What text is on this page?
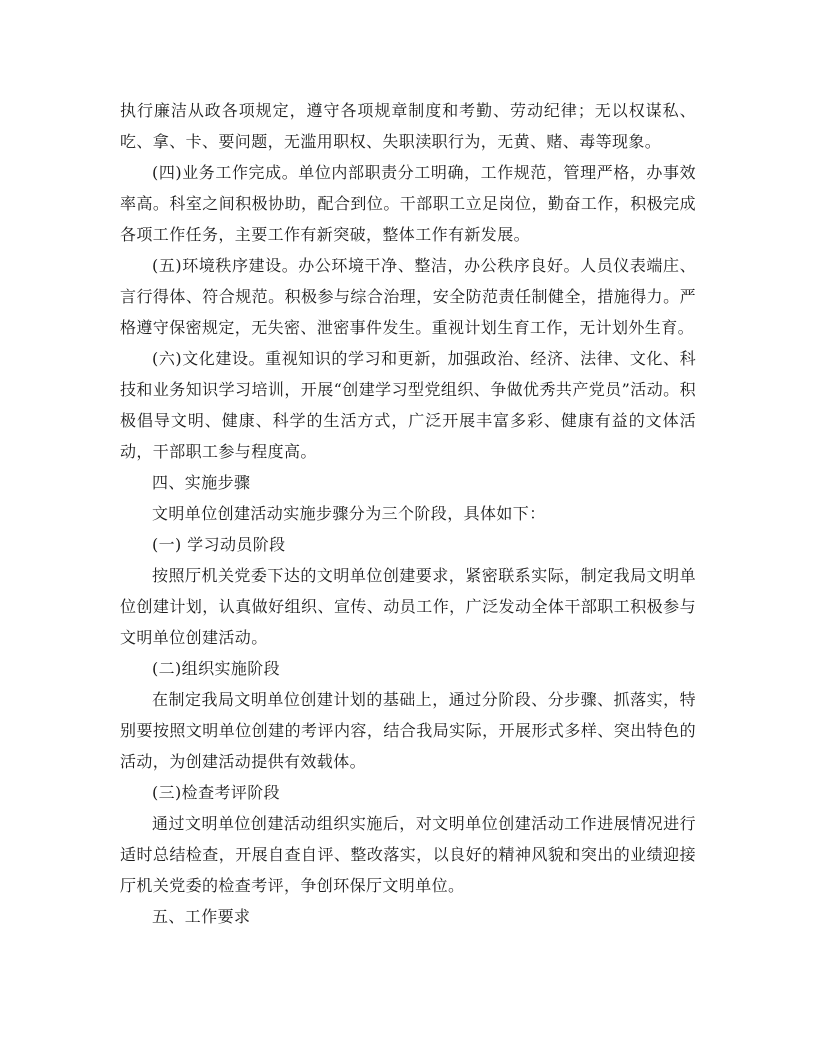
执行廉洁从政各项规定，遵守各项规章制度和考勤、劳动纪律；无以权谋私、吃、拿、卡、要问题，无滥用职权、失职渎职行为，无黄、赌、毒等现象。

(四)业务工作完成。单位内部职责分工明确，工作规范，管理严格，办事效率高。科室之间积极协助，配合到位。干部职工立足岗位，勤奋工作，积极完成各项工作任务，主要工作有新突破，整体工作有新发展。

(五)环境秩序建设。办公环境干净、整洁，办公秩序良好。人员仪表端庄、言行得体、符合规范。积极参与综合治理，安全防范责任制健全，措施得力。严格遵守保密规定，无失密、泄密事件发生。重视计划生育工作，无计划外生育。

(六)文化建设。重视知识的学习和更新，加强政治、经济、法律、文化、科技和业务知识学习培训，开展“创建学习型党组织、争做优秀共产党员”活动。积极倡导文明、健康、科学的生活方式，广泛开展丰富多彩、健康有益的文体活动，干部职工参与程度高。

四、实施步骤

文明单位创建活动实施步骤分为三个阶段，具体如下：

(一) 学习动员阶段

按照厅机关党委下达的文明单位创建要求，紧密联系实际，制定我局文明单位创建计划，认真做好组织、宣传、动员工作，广泛发动全体干部职工积极参与文明单位创建活动。

(二)组织实施阶段

在制定我局文明单位创建计划的基础上，通过分阶段、分步骤、抓落实，特别要按照文明单位创建的考评内容，结合我局实际，开展形式多样、突出特色的活动，为创建活动提供有效载体。

(三)检查考评阶段

通过文明单位创建活动组织实施后，对文明单位创建活动工作进展情况进行适时总结检查，开展自查自评、整改落实，以良好的精神风貌和突出的业绩迎接厅机关党委的检查考评，争创环保厅文明单位。

五、工作要求
